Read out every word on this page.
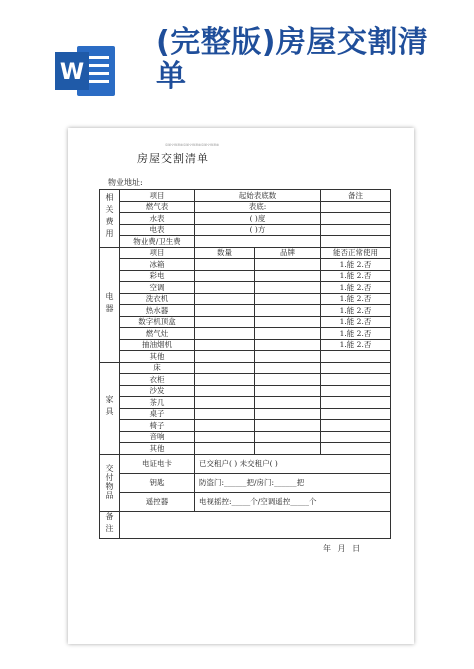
W
(完整版)房屋交割清单
房屋交割清单房屋交割清单房屋交割清单
房屋交割清单
物业地址:
相关费用	项目	起始表底数		备注
	燃气表	表底:		
	水表	( )度		
	电表	( )方		
	物业费/卫生费			
电器	项目	数量	品牌	能否正常使用
	冰箱			1.能 2.否
	彩电			1.能 2.否
	空调			1.能 2.否
	洗衣机			1.能 2.否
	热水器			1.能 2.否
	数字机顶盒			1.能 2.否
	燃气灶			1.能 2.否
	抽油烟机			1.能 2.否
	其他			
家具	床			
	衣柜			
	沙发			
	茶几			
	桌子			
	椅子			
	音响			
	其他			
交付物品	电证电卡	已交租户( ) 未交租户( )		
	钥匙	防盗门:______把/房门:______把		
	遥控器	电视摇控:_____个/空调遥控_____个		
备注				
年 月 日
